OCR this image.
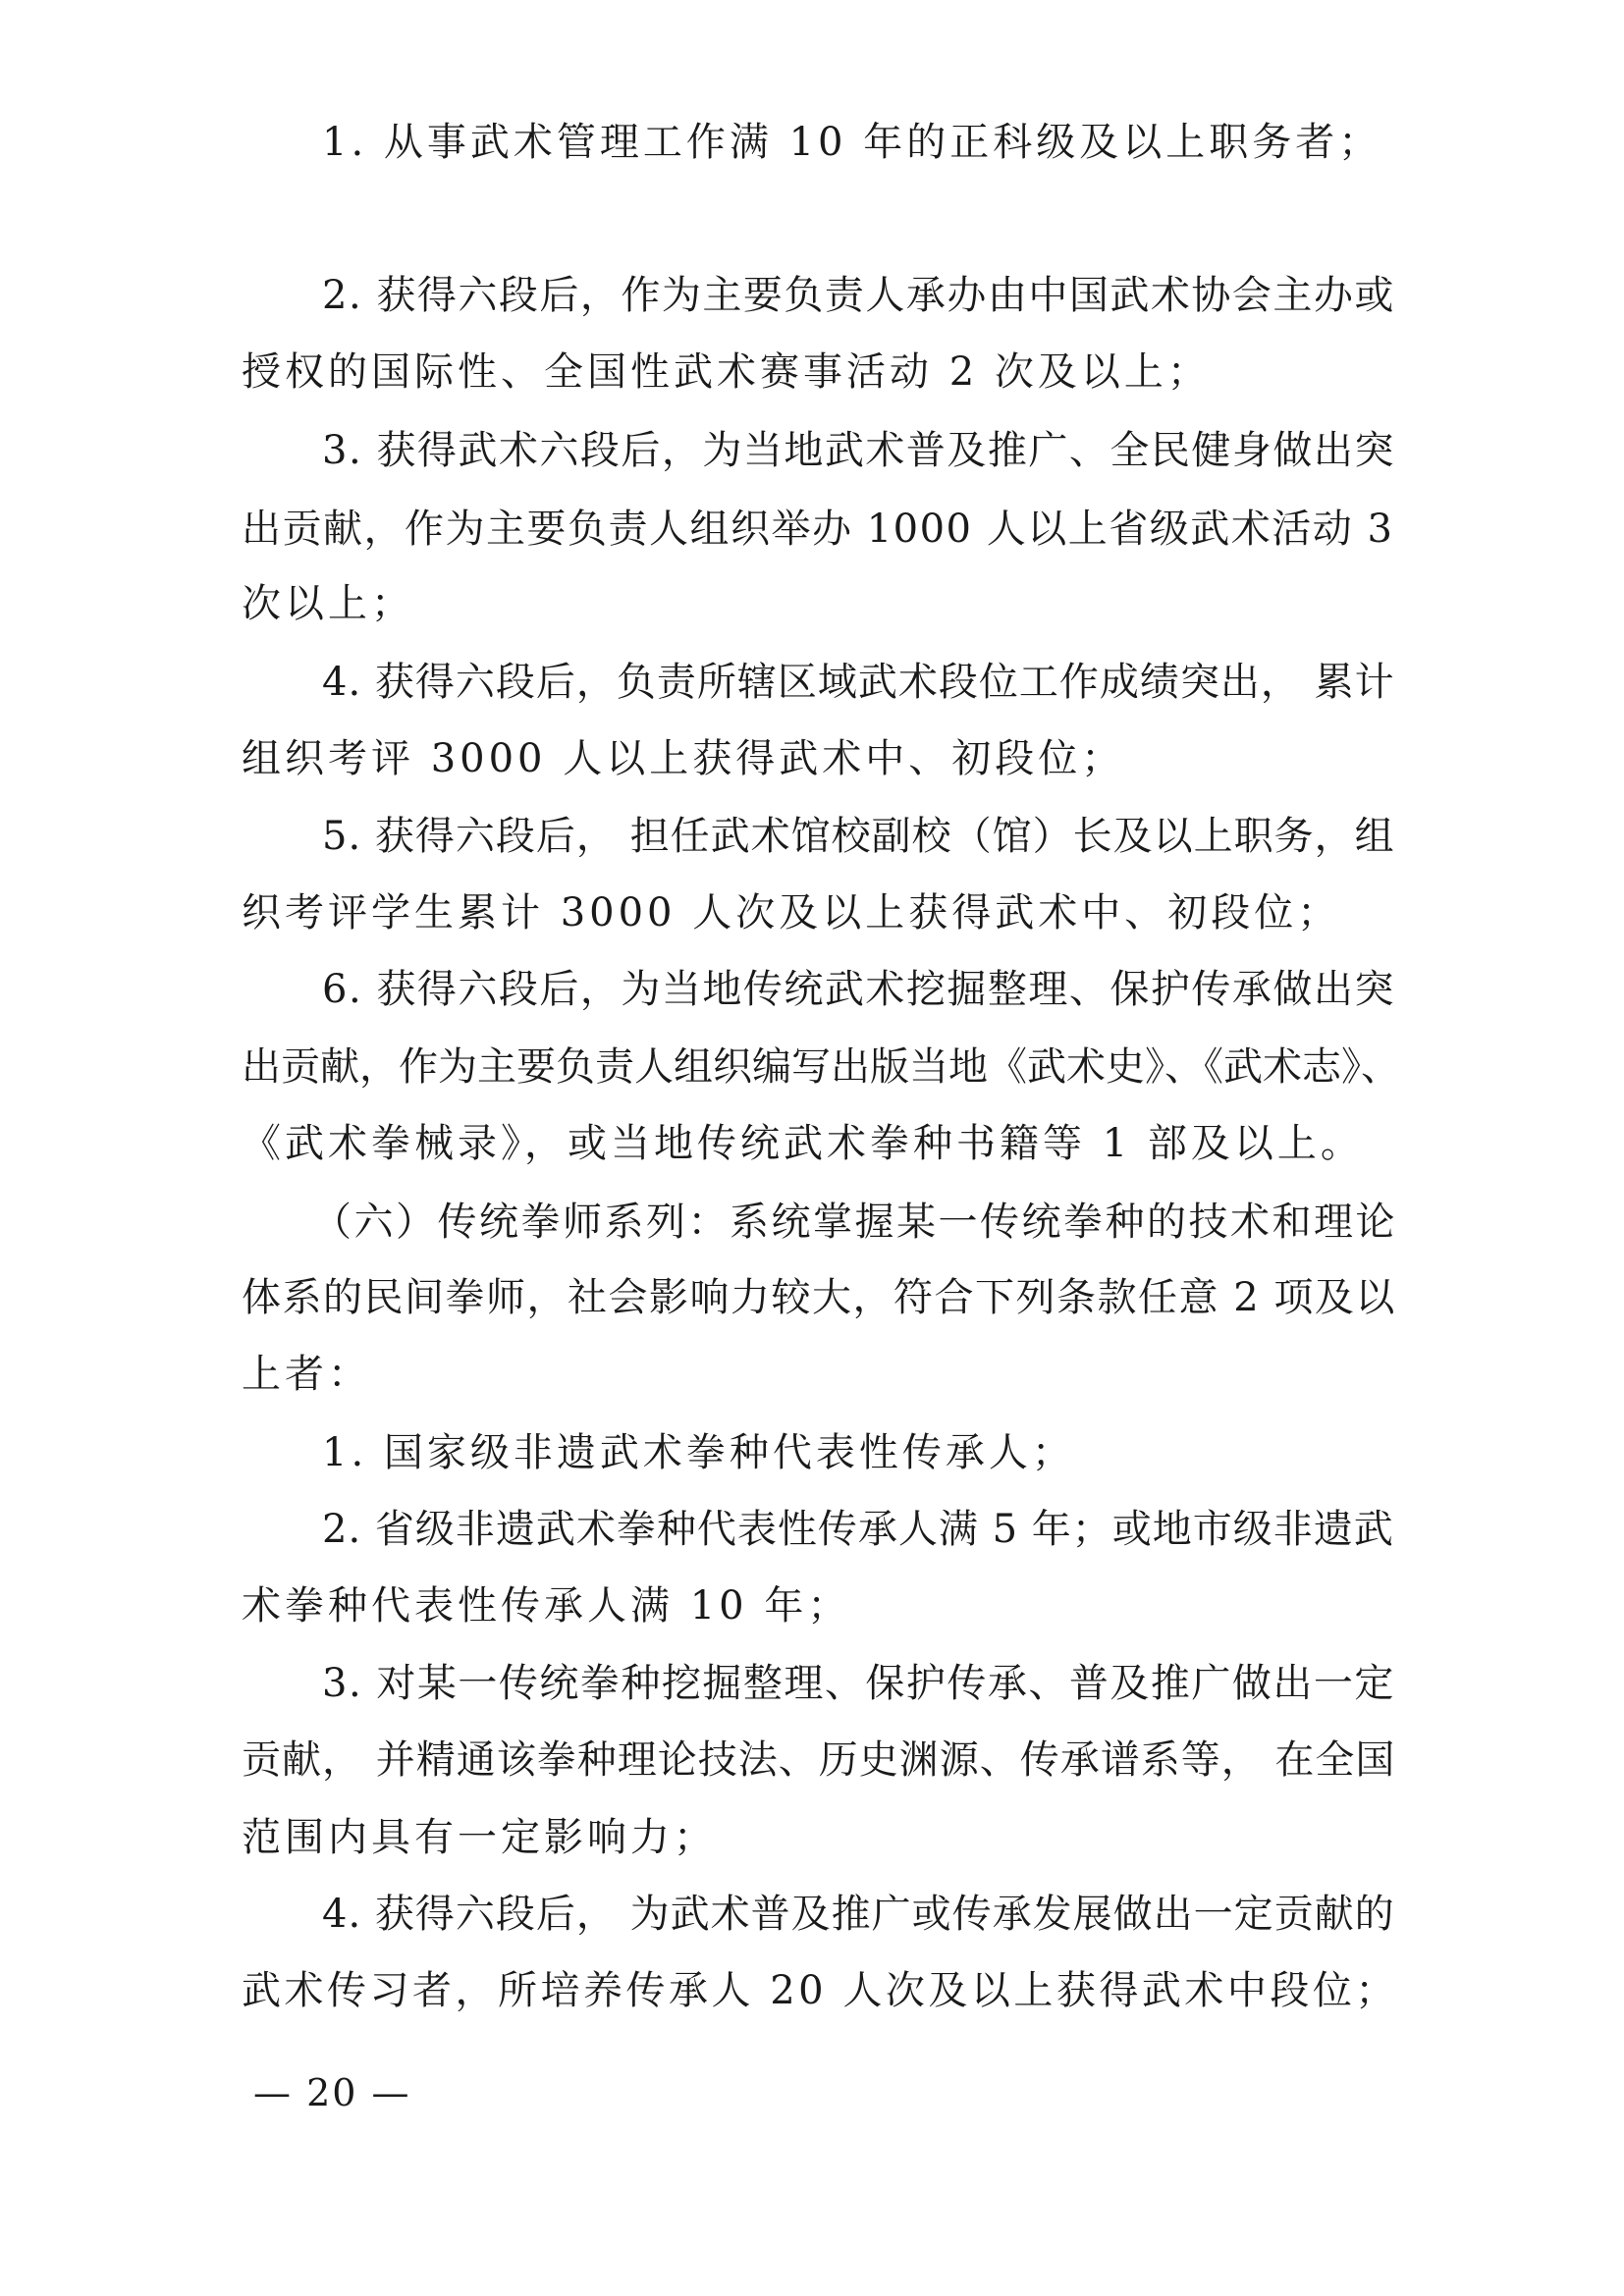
1. 从事武术管理工作满 10 年的正科级及以上职务者；

2. 获得六段后，作为主要负责人承办由中国武术协会主办或

授权的国际性、全国性武术赛事活动 2 次及以上；

3. 获得武术六段后，为当地武术普及推广、全民健身做出突

出贡献，作为主要负责人组织举办 1000 人以上省级武术活动 3

次以上；

4. 获得六段后，负责所辖区域武术段位工作成绩突出， 累计

组织考评 3000 人以上获得武术中、初段位；

5. 获得六段后， 担任武术馆校副校（馆）长及以上职务，组

织考评学生累计 3000 人次及以上获得武术中、初段位；

6. 获得六段后，为当地传统武术挖掘整理、保护传承做出突

出贡献，作为主要负责人组织编写出版当地《武术史》、《武术志》、

《武术拳械录》，或当地传统武术拳种书籍等 1 部及以上。

（六）传统拳师系列：系统掌握某一传统拳种的技术和理论

体系的民间拳师，社会影响力较大，符合下列条款任意 2 项及以

上者：

1. 国家级非遗武术拳种代表性传承人；

2. 省级非遗武术拳种代表性传承人满 5 年；或地市级非遗武

术拳种代表性传承人满 10 年；

3. 对某一传统拳种挖掘整理、保护传承、普及推广做出一定

贡献， 并精通该拳种理论技法、历史渊源、传承谱系等， 在全国

范围内具有一定影响力；

4. 获得六段后， 为武术普及推广或传承发展做出一定贡献的

武术传习者，所培养传承人 20 人次及以上获得武术中段位；

— 20 —
